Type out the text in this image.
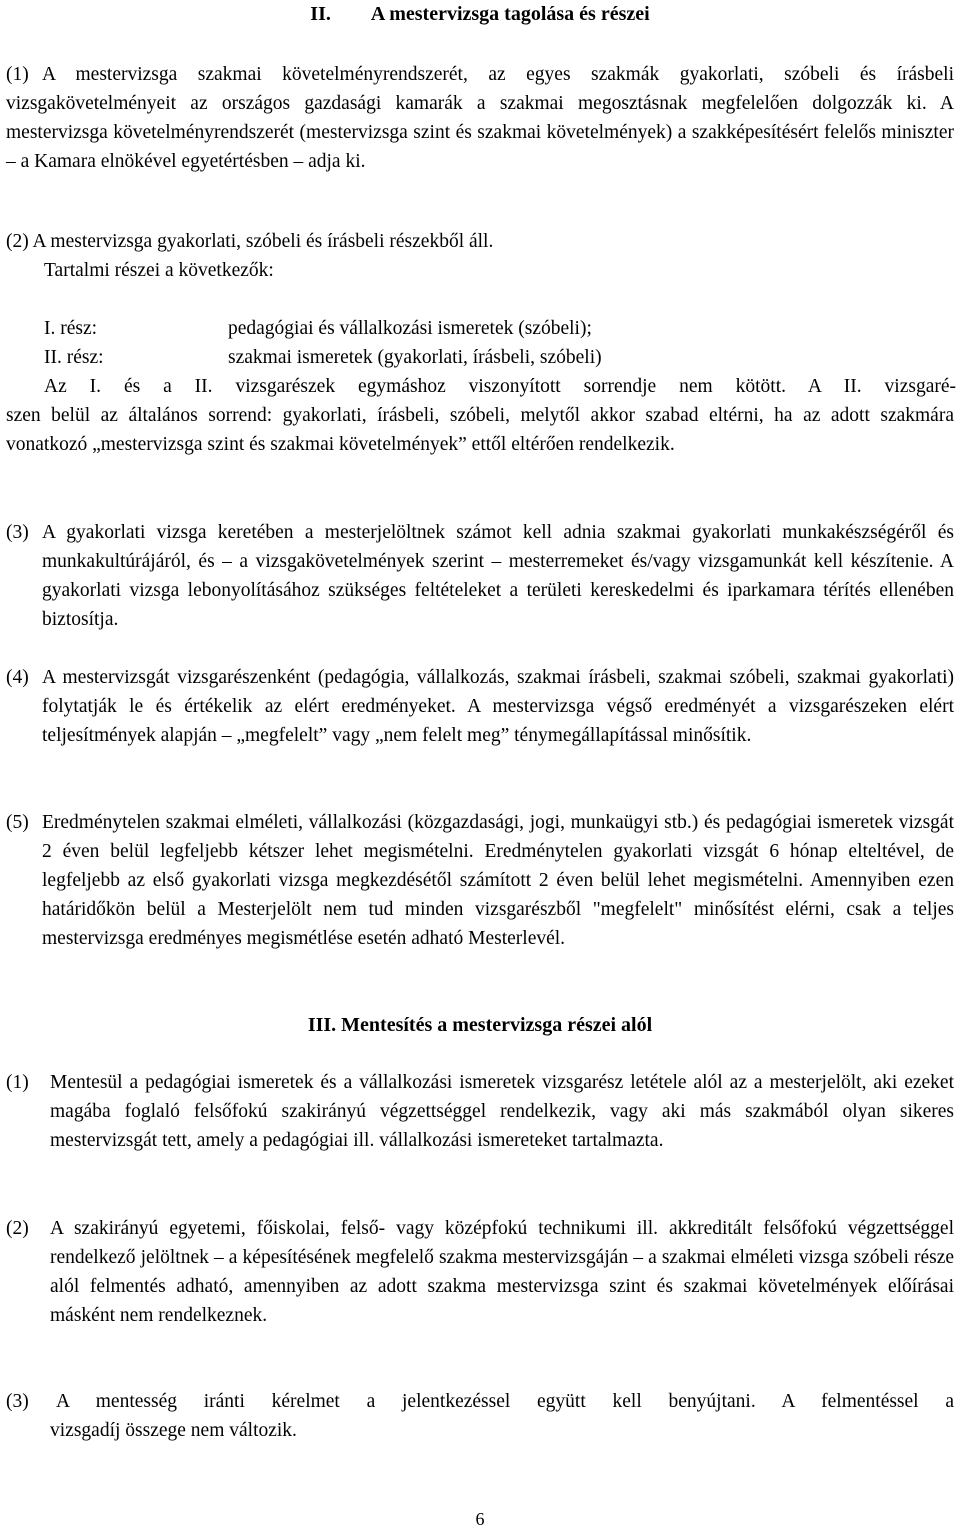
II. A mestervizsga tagolása és részei
(1) A mestervizsga szakmai követelményrendszerét, az egyes szakmák gyakorlati, szóbeli és írásbeli vizsgakövetelményeit az országos gazdasági kamarák a szakmai megosztásnak megfelelően dolgozzák ki. A mestervizsga követelményrendszerét (mestervizsga szint és szakmai követelmények) a szakképesítésért felelős miniszter – a Kamara elnökével egyetértésben – adja ki.
(2) A mestervizsga gyakorlati, szóbeli és írásbeli részekből áll.
Tartalmi részei a következők:
I. rész:	pedagógiai és vállalkozási ismeretek (szóbeli);
II. rész:	szakmai ismeretek (gyakorlati, írásbeli, szóbeli)
Az I. és a II. vizsgarészek egymáshoz viszonyított sorrendje nem kötött. A II. vizsgaré-
szen belül az általános sorrend: gyakorlati, írásbeli, szóbeli, melytől akkor szabad eltérni, ha az adott szakmára vonatkozó „mestervizsga szint és szakmai követelmények” ettől eltérően rendelkezik.
(3) A gyakorlati vizsga keretében a mesterjelöltnek számot kell adnia szakmai gyakorlati munkakészségéről és munkakultúrájáról, és – a vizsgakövetelmények szerint – mesterremeket és/vagy vizsgamunkát kell készítenie. A gyakorlati vizsga lebonyolításához szükséges feltételeket a területi kereskedelmi és iparkamara térítés ellenében biztosítja.
(4) A mestervizsgát vizsgarészenként (pedagógia, vállalkozás, szakmai írásbeli, szakmai szóbeli, szakmai gyakorlati) folytatják le és értékelik az elért eredményeket. A mestervizsga végső eredményét a vizsgarészeken elért teljesítmények alapján – „megfelelt” vagy „nem felelt meg” ténymegállapítással minősítik.
(5) Eredménytelen szakmai elméleti, vállalkozási (közgazdasági, jogi, munkaügyi stb.) és pedagógiai ismeretek vizsgát 2 éven belül legfeljebb kétszer lehet megismételni. Eredménytelen gyakorlati vizsgát 6 hónap elteltével, de legfeljebb az első gyakorlati vizsga megkezdésétől számított 2 éven belül lehet megismételni. Amennyiben ezen határidőkön belül a Mesterjelölt nem tud minden vizsgarészből "megfelelt" minősítést elérni, csak a teljes mestervizsga eredményes megismétlése esetén adható Mesterlevél.
III. Mentesítés a mestervizsga részei alól
(1)	Mentesül a pedagógiai ismeretek és a vállalkozási ismeretek vizsgarész letétele alól az a mesterjelölt, aki ezeket magába foglaló felsőfokú szakirányú végzettséggel rendelkezik, vagy aki más szakmából olyan sikeres mestervizsgát tett, amely a pedagógiai ill. vállalkozási ismereteket tartalmazta.
(2)	A szakirányú egyetemi, főiskolai, felső- vagy középfokú technikumi ill. akkreditált felsőfokú végzettséggel rendelkező jelöltnek – a képesítésének megfelelő szakma mestervizsgáján – a szakmai elméleti vizsga szóbeli része alól felmentés adható, amennyiben az adott szakma mestervizsga szint és szakmai követelmények előírásai másként nem rendelkeznek.
(3)	A mentesség iránti kérelmet a jelentkezéssel együtt kell benyújtani. A felmentéssel a
vizsgadíj összege nem változik.
6
